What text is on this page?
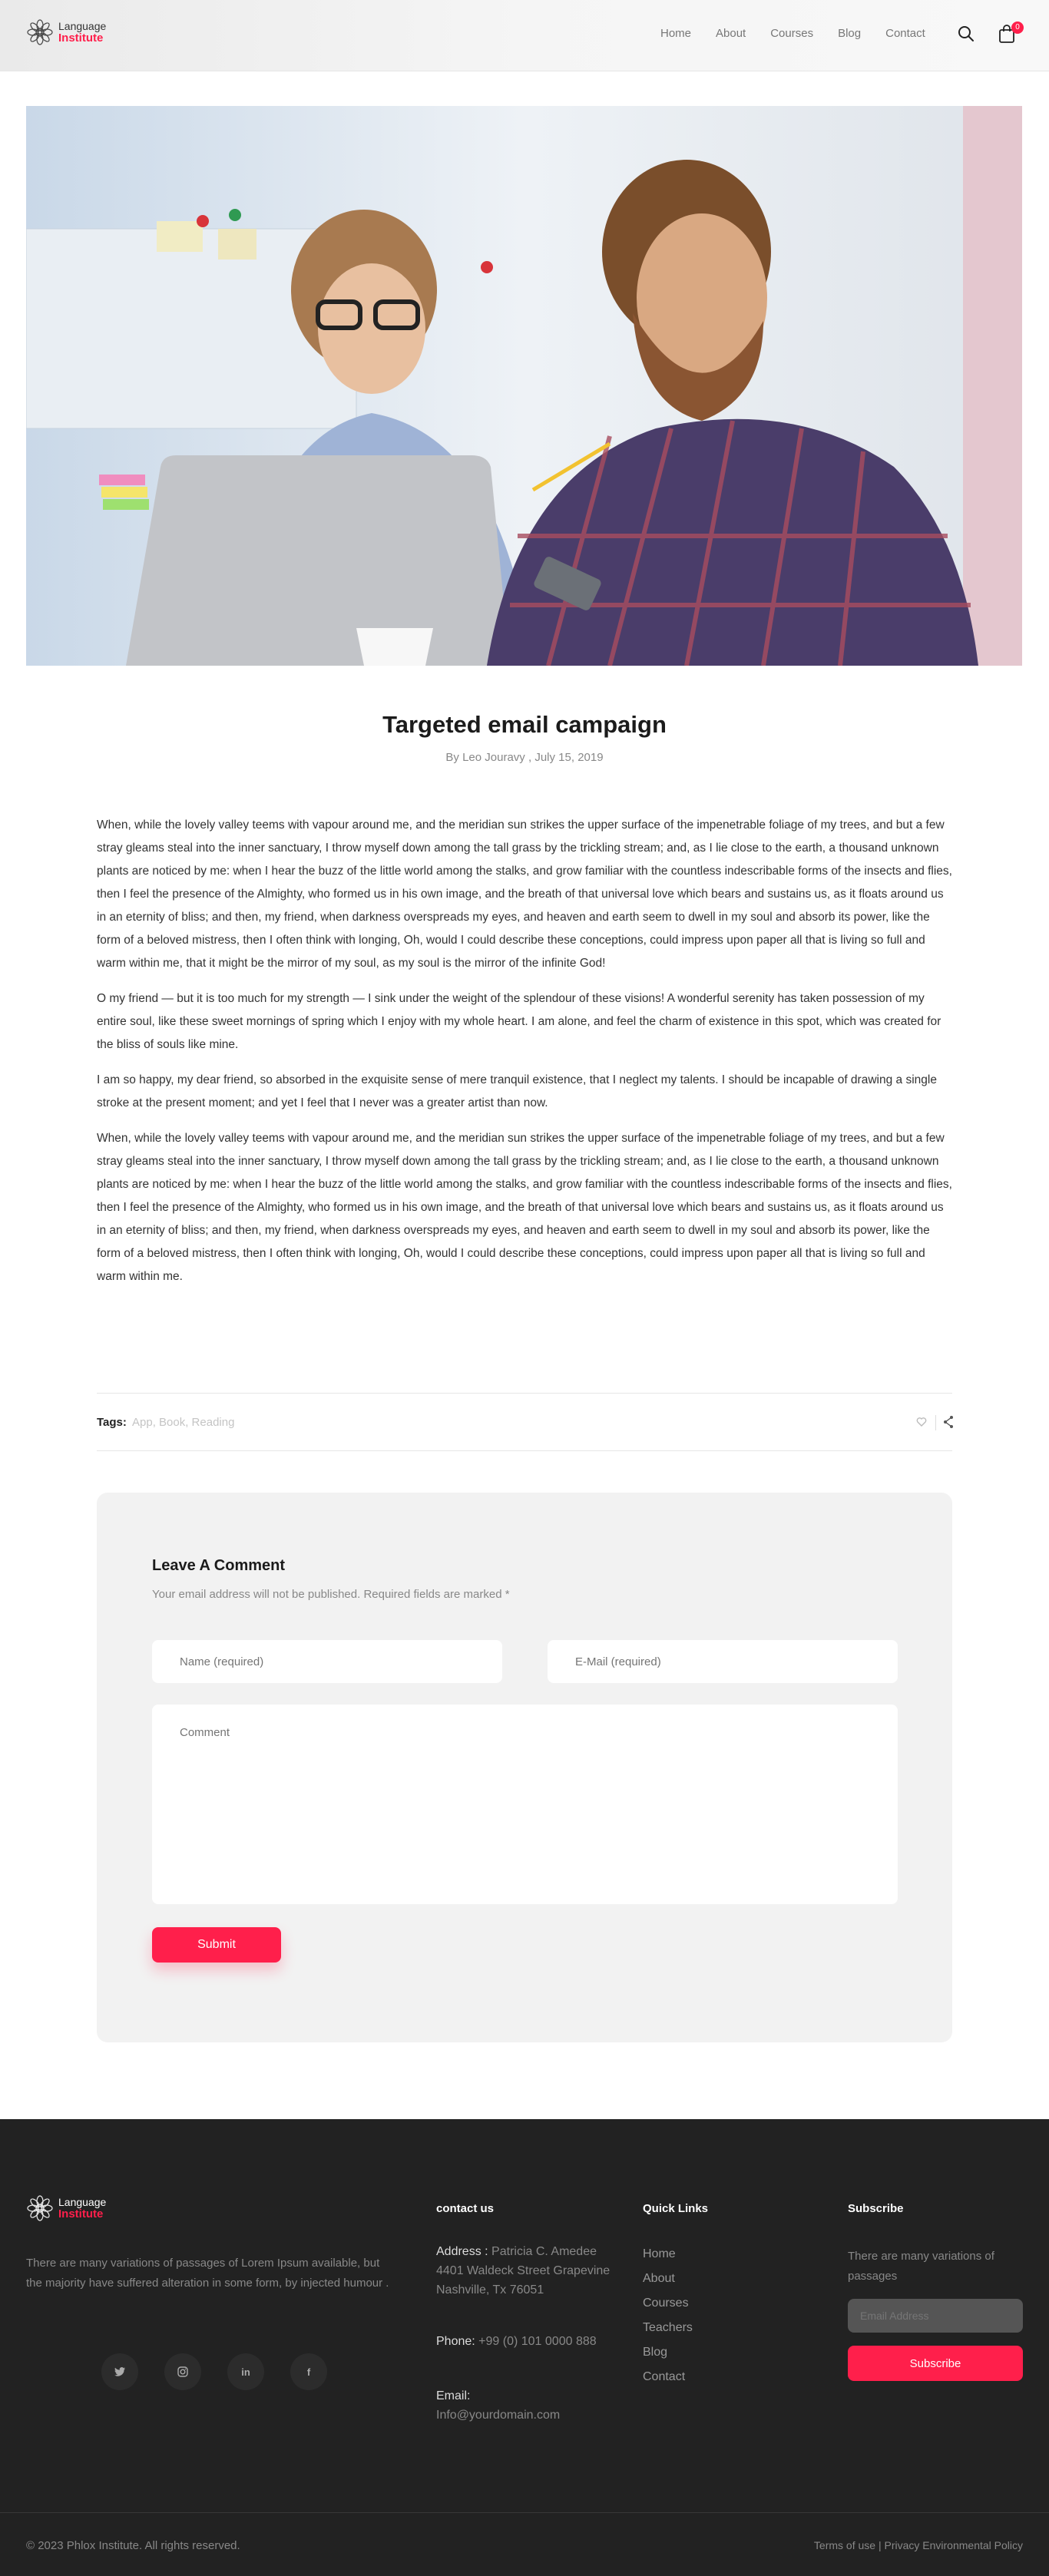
Language
Institute	Home About Courses Blog Contact	0
Targeted email campaign
By Leo Jouravy , July 15, 2019

When, while the lovely valley teems with vapour around me, and the meridian sun strikes the upper surface of the impenetrable foliage of my trees, and but a few stray gleams steal into the inner sanctuary, I throw myself down among the tall grass by the trickling stream; and, as I lie close to the earth, a thousand unknown plants are noticed by me: when I hear the buzz of the little world among the stalks, and grow familiar with the countless indescribable forms of the insects and flies, then I feel the presence of the Almighty, who formed us in his own image, and the breath of that universal love which bears and sustains us, as it floats around us in an eternity of bliss; and then, my friend, when darkness overspreads my eyes, and heaven and earth seem to dwell in my soul and absorb its power, like the form of a beloved mistress, then I often think with longing, Oh, would I could describe these conceptions, could impress upon paper all that is living so full and warm within me, that it might be the mirror of my soul, as my soul is the mirror of the infinite God!

O my friend — but it is too much for my strength — I sink under the weight of the splendour of these visions! A wonderful serenity has taken possession of my entire soul, like these sweet mornings of spring which I enjoy with my whole heart. I am alone, and feel the charm of existence in this spot, which was created for the bliss of souls like mine.

I am so happy, my dear friend, so absorbed in the exquisite sense of mere tranquil existence, that I neglect my talents. I should be incapable of drawing a single stroke at the present moment; and yet I feel that I never was a greater artist than now.

When, while the lovely valley teems with vapour around me, and the meridian sun strikes the upper surface of the impenetrable foliage of my trees, and but a few stray gleams steal into the inner sanctuary, I throw myself down among the tall grass by the trickling stream; and, as I lie close to the earth, a thousand unknown plants are noticed by me: when I hear the buzz of the little world among the stalks, and grow familiar with the countless indescribable forms of the insects and flies, then I feel the presence of the Almighty, who formed us in his own image, and the breath of that universal love which bears and sustains us, as it floats around us in an eternity of bliss; and then, my friend, when darkness overspreads my eyes, and heaven and earth seem to dwell in my soul and absorb its power, like the form of a beloved mistress, then I often think with longing, Oh, would I could describe these conceptions, could impress upon paper all that is living so full and warm within me.

Tags: App, Book, Reading
Leave A Comment

Your email address will not be published. Required fields are marked *

Name (required)
E-Mail (required)
Comment
Submit
Language
Institute

There are many variations of passages of Lorem Ipsum available, but the majority have suffered alteration in some form, by injected humour .

in	f
contact us
Address : Patricia C. Amedee 4401 Waldeck Street Grapevine Nashville, Tx 76051
Phone: +99 (0) 101 0000 888
Email:
Info@yourdomain.com
Quick Links
Home
About
Courses
Teachers
Blog
Contact
Subscribe

There are many variations of passages

Email Address
Subscribe

© 2023 Phlox Institute. All rights reserved.	Terms of use | Privacy Environmental Policy
